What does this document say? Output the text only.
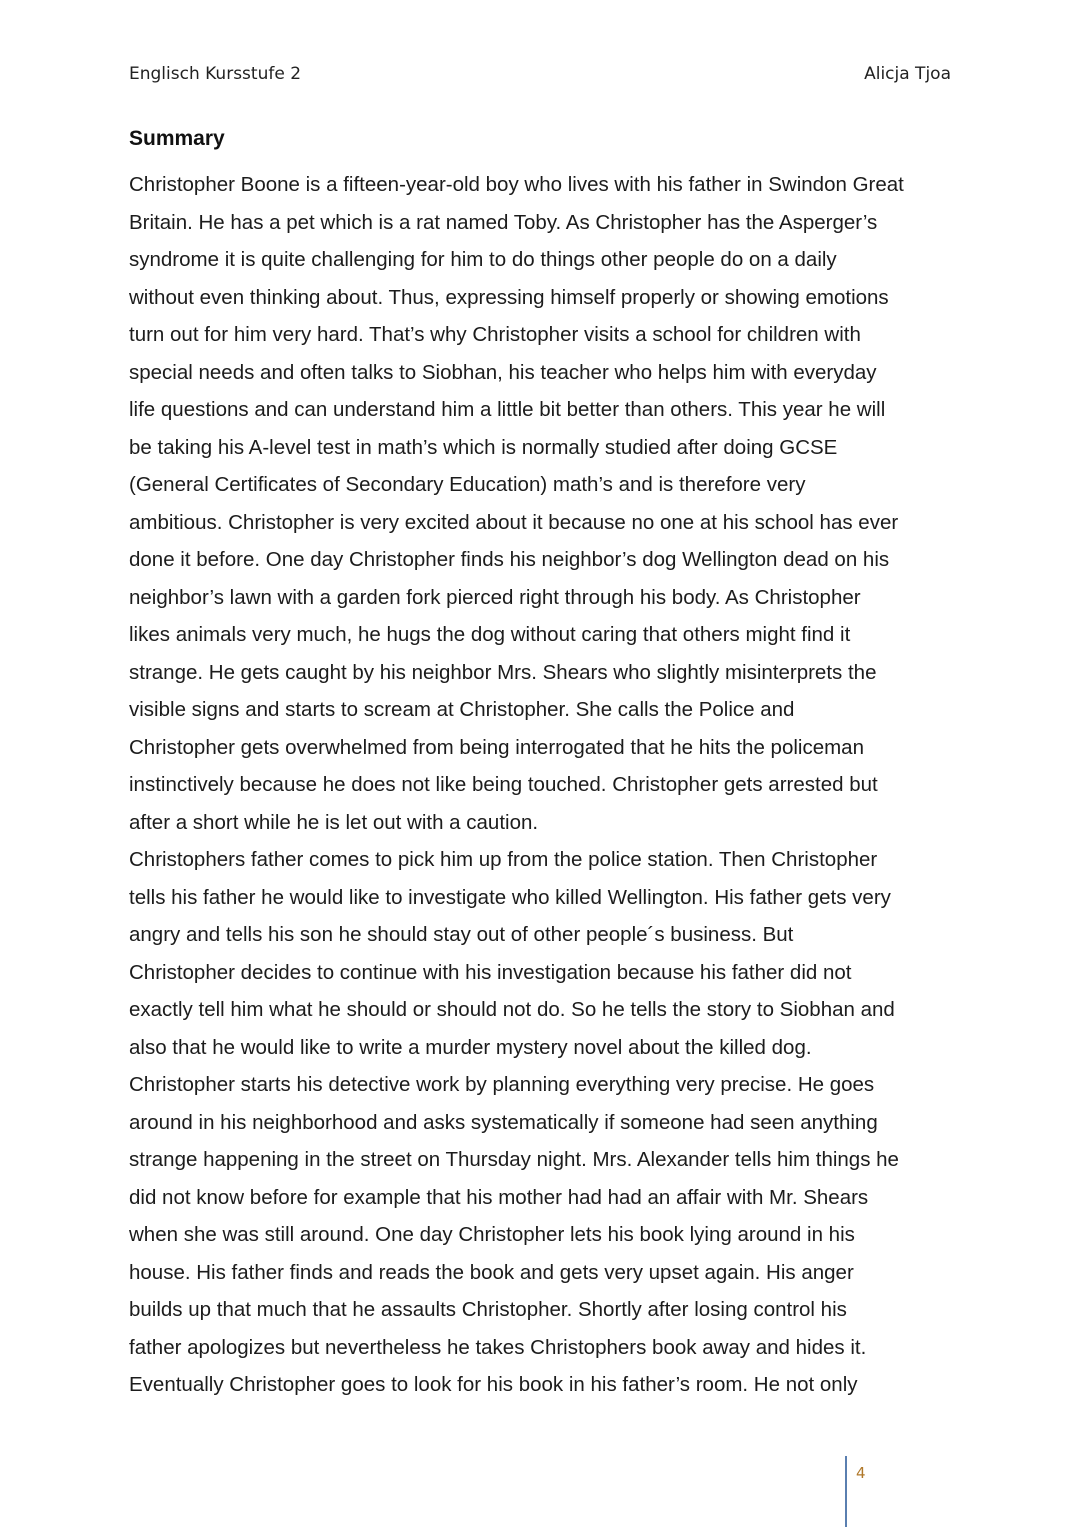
Englisch Kursstufe 2	Alicja Tjoa
Summary
Christopher Boone is a fifteen-year-old boy who lives with his father in Swindon Great
Britain. He has a pet which is a rat named Toby. As Christopher has the Asperger’s
syndrome it is quite challenging for him to do things other people do on a daily
without even thinking about. Thus, expressing himself properly or showing emotions
turn out for him very hard. That’s why Christopher visits a school for children with
special needs and often talks to Siobhan, his teacher who helps him with everyday
life questions and can understand him a little bit better than others. This year he will
be taking his A-level test in math’s which is normally studied after doing GCSE
(General Certificates of Secondary Education) math’s and is therefore very
ambitious. Christopher is very excited about it because no one at his school has ever
done it before. One day Christopher finds his neighbor’s dog Wellington dead on his
neighbor’s lawn with a garden fork pierced right through his body. As Christopher
likes animals very much, he hugs the dog without caring that others might find it
strange. He gets caught by his neighbor Mrs. Shears who slightly misinterprets the
visible signs and starts to scream at Christopher. She calls the Police and
Christopher gets overwhelmed from being interrogated that he hits the policeman
instinctively because he does not like being touched. Christopher gets arrested but
after a short while he is let out with a caution.
Christophers father comes to pick him up from the police station. Then Christopher
tells his father he would like to investigate who killed Wellington. His father gets very
angry and tells his son he should stay out of other people´s business. But
Christopher decides to continue with his investigation because his father did not
exactly tell him what he should or should not do. So he tells the story to Siobhan and
also that he would like to write a murder mystery novel about the killed dog.
Christopher starts his detective work by planning everything very precise. He goes
around in his neighborhood and asks systematically if someone had seen anything
strange happening in the street on Thursday night. Mrs. Alexander tells him things he
did not know before for example that his mother had had an affair with Mr. Shears
when she was still around. One day Christopher lets his book lying around in his
house. His father finds and reads the book and gets very upset again. His anger
builds up that much that he assaults Christopher. Shortly after losing control his
father apologizes but nevertheless he takes Christophers book away and hides it.
Eventually Christopher goes to look for his book in his father’s room. He not only
4
